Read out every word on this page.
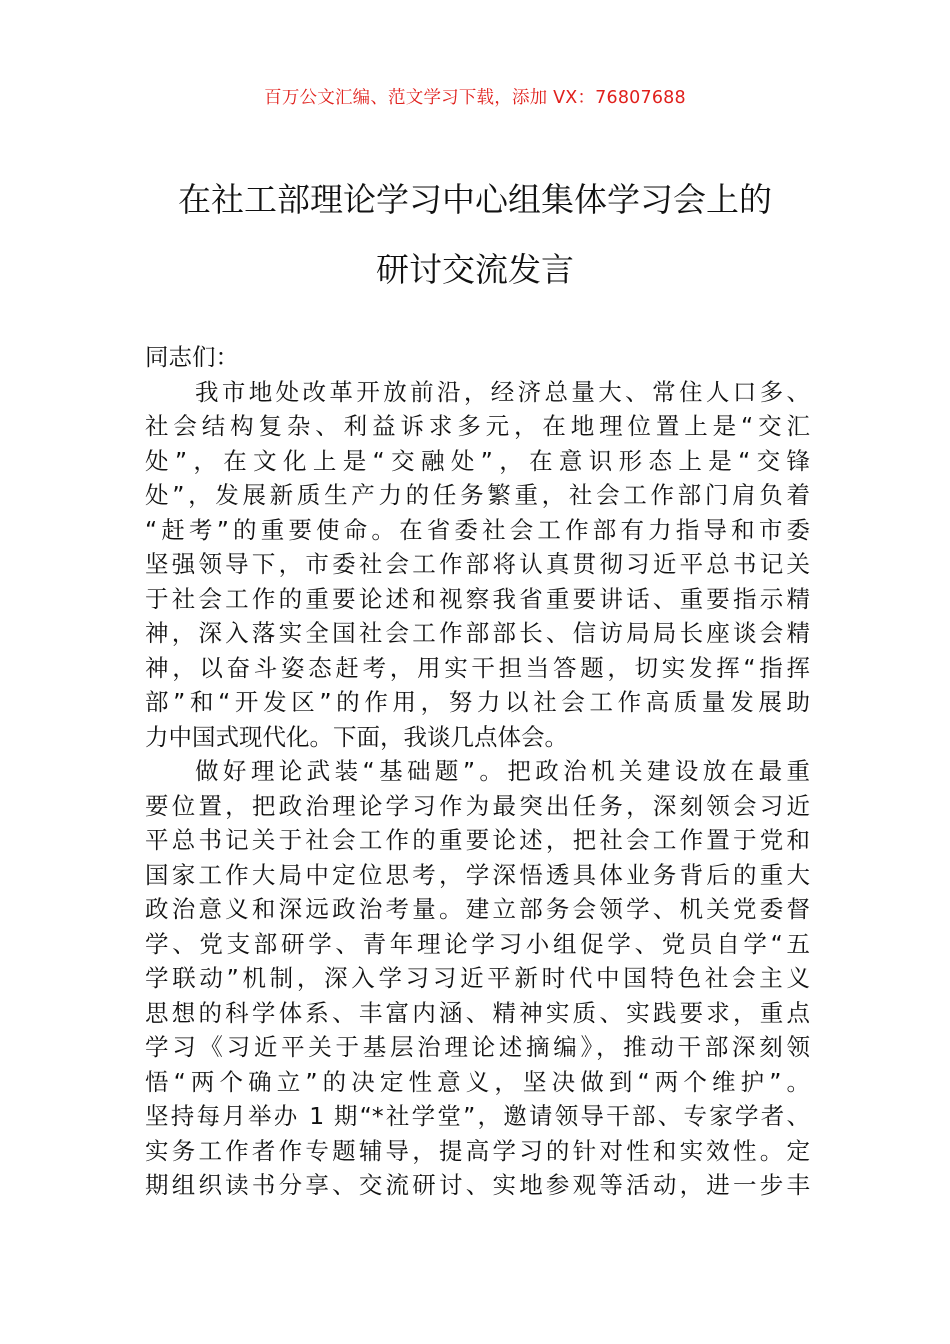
百万公文汇编、范文学习下载，添加 VX：76807688
在社工部理论学习中心组集体学习会上的
研讨交流发言
同志们：
我市地处改革开放前沿，经济总量大、常住人口多、
社会结构复杂、利益诉求多元，在地理位置上是“交汇
处”，在文化上是“交融处”，在意识形态上是“交锋
处”，发展新质生产力的任务繁重，社会工作部门肩负着
“赶考”的重要使命。在省委社会工作部有力指导和市委
坚强领导下，市委社会工作部将认真贯彻习近平总书记关
于社会工作的重要论述和视察我省重要讲话、重要指示精
神，深入落实全国社会工作部部长、信访局局长座谈会精
神，以奋斗姿态赶考，用实干担当答题，切实发挥“指挥
部”和“开发区”的作用，努力以社会工作高质量发展助
力中国式现代化。下面，我谈几点体会。
做好理论武装“基础题”。把政治机关建设放在最重
要位置，把政治理论学习作为最突出任务，深刻领会习近
平总书记关于社会工作的重要论述，把社会工作置于党和
国家工作大局中定位思考，学深悟透具体业务背后的重大
政治意义和深远政治考量。建立部务会领学、机关党委督
学、党支部研学、青年理论学习小组促学、党员自学“五
学联动”机制，深入学习习近平新时代中国特色社会主义
思想的科学体系、丰富内涵、精神实质、实践要求，重点
学习《习近平关于基层治理论述摘编》，推动干部深刻领
悟“两个确立”的决定性意义，坚决做到“两个维护”。
坚持每月举办 1 期“*社学堂”，邀请领导干部、专家学者、
实务工作者作专题辅导，提高学习的针对性和实效性。定
期组织读书分享、交流研讨、实地参观等活动，进一步丰
